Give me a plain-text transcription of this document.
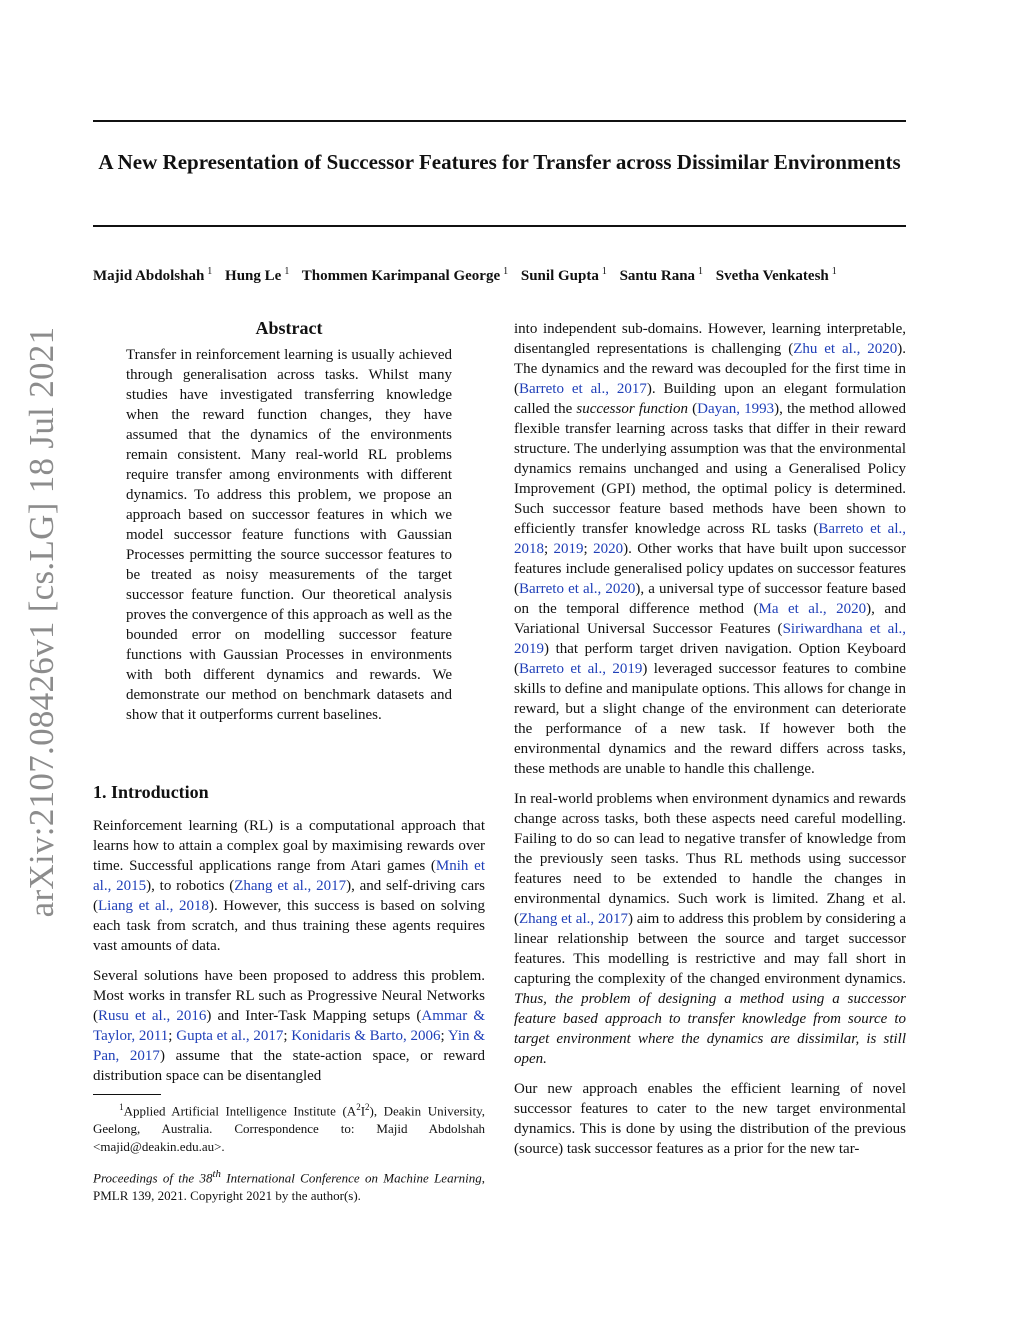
arXiv:2107.08426v1 [cs.LG] 18 Jul 2021
A New Representation of Successor Features for Transfer across Dissimilar Environments
Majid Abdolshah $^1$ Hung Le $^1$ Thommen Karimpanal George $^1$ Sunil Gupta $^1$ Santu Rana $^1$ Svetha Venkatesh $^1$
Abstract
Transfer in reinforcement learning is usually achieved through generalisation across tasks. Whilst many studies have investigated transferring knowledge when the reward function changes, they have assumed that the dynamics of the environments remain consistent. Many real-world RL problems require transfer among environments with different dynamics. To address this problem, we propose an approach based on successor features in which we model successor feature functions with Gaussian Processes permitting the source successor features to be treated as noisy measurements of the target successor feature function. Our theoretical analysis proves the convergence of this approach as well as the bounded error on modelling successor feature functions with Gaussian Processes in environments with both different dynamics and rewards. We demonstrate our method on benchmark datasets and show that it outperforms current baselines.
1. Introduction

Reinforcement learning (RL) is a computational approach that learns how to attain a complex goal by maximising rewards over time. Successful applications range from Atari games (Mnih et al., 2015), to robotics (Zhang et al., 2017), and self-driving cars (Liang et al., 2018). However, this success is based on solving each task from scratch, and thus training these agents requires vast amounts of data.

Several solutions have been proposed to address this problem. Most works in transfer RL such as Progressive Neural Networks (Rusu et al., 2016) and Inter-Task Mapping setups (Ammar & Taylor, 2011; Gupta et al., 2017; Konidaris & Barto, 2006; Yin & Pan, 2017) assume that the state-action space, or reward distribution space can be disentangled

$^1$Applied Artificial Intelligence Institute $(A^2I^2)$, Deakin University, Geelong, Australia. Correspondence to: Majid Abdolshah <majid@deakin.edu.au>.
Proceedings of the 38th International Conference on Machine Learning, PMLR 139, 2021. Copyright 2021 by the author(s).

into independent sub-domains. However, learning interpretable, disentangled representations is challenging (Zhu et al., 2020). The dynamics and the reward was decoupled for the first time in (Barreto et al., 2017). Building upon an elegant formulation called the successor function (Dayan, 1993), the method allowed flexible transfer learning across tasks that differ in their reward structure. The underlying assumption was that the environmental dynamics remains unchanged and using a Generalised Policy Improvement (GPI) method, the optimal policy is determined. Such successor feature based methods have been shown to efficiently transfer knowledge across RL tasks (Barreto et al., 2018; 2019; 2020). Other works that have built upon successor features include generalised policy updates on successor features (Barreto et al., 2020), a universal type of successor feature based on the temporal difference method (Ma et al., 2020), and Variational Universal Successor Features (Siriwardhana et al., 2019) that perform target driven navigation. Option Keyboard (Barreto et al., 2019) leveraged successor features to combine skills to define and manipulate options. This allows for change in reward, but a slight change of the environment can deteriorate the performance of a new task. If however both the environmental dynamics and the reward differs across tasks, these methods are unable to handle this challenge.

In real-world problems when environment dynamics and rewards change across tasks, both these aspects need careful modelling. Failing to do so can lead to negative transfer of knowledge from the previously seen tasks. Thus RL methods using successor features need to be extended to handle the changes in environmental dynamics. Such work is limited. Zhang et al. (Zhang et al., 2017) aim to address this problem by considering a linear relationship between the source and target successor features. This modelling is restrictive and may fall short in capturing the complexity of the changed environment dynamics. Thus, the problem of designing a method using a successor feature based approach to transfer knowledge from source to target environment where the dynamics are dissimilar, is still open.

Our new approach enables the efficient learning of novel successor features to cater to the new target environmental dynamics. This is done by using the distribution of the previous (source) task successor features as a prior for the new tar-
